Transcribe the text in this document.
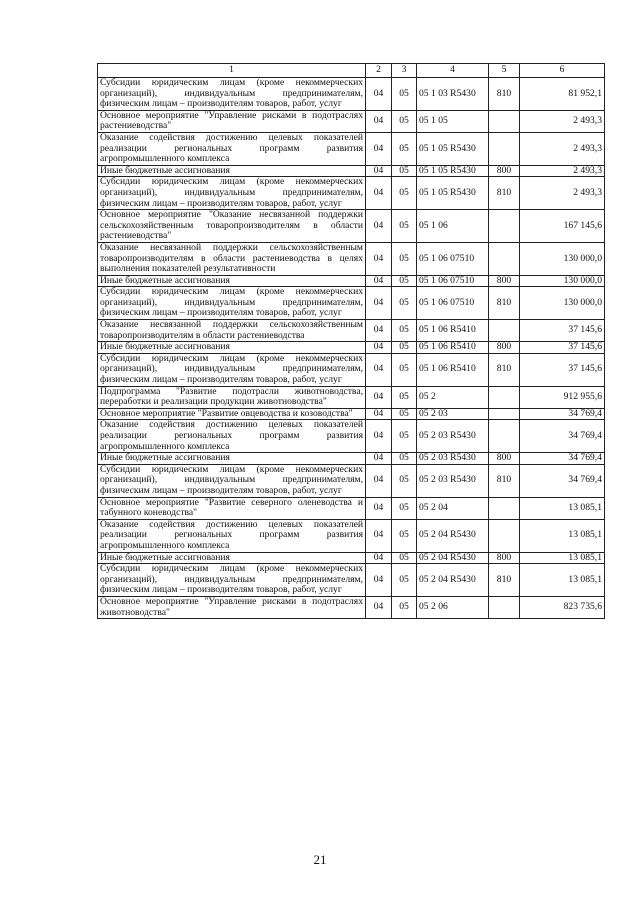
1	2	3	4	5	6
Субсидии юридическим лицам (кроме некоммерческих организаций), индивидуальным предпринимателям, физическим лицам – производителям товаров, работ, услуг	04	05	05 1 03 R5430	810	81 952,1
Основное мероприятие "Управление рисками в подотраслях растениеводства"	04	05	05 1 05		2 493,3
Оказание содействия достижению целевых показателей реализации региональных программ развития агропромышленного комплекса	04	05	05 1 05 R5430		2 493,3
Иные бюджетные ассигнования	04	05	05 1 05 R5430	800	2 493,3
Субсидии юридическим лицам (кроме некоммерческих организаций), индивидуальным предпринимателям, физическим лицам – производителям товаров, работ, услуг	04	05	05 1 05 R5430	810	2 493,3
Основное мероприятие "Оказание несвязанной поддержки сельскохозяйственным товаропроизводителям в области растениеводства"	04	05	05 1 06		167 145,6
Оказание несвязанной поддержки сельскохозяйственным товаропроизводителям в области растениеводства в целях выполнения показателей результативности	04	05	05 1 06 07510		130 000,0
Иные бюджетные ассигнования	04	05	05 1 06 07510	800	130 000,0
Субсидии юридическим лицам (кроме некоммерческих организаций), индивидуальным предпринимателям, физическим лицам – производителям товаров, работ, услуг	04	05	05 1 06 07510	810	130 000,0
Оказание несвязанной поддержки сельскохозяйственным товаропроизводителям в области растениеводства	04	05	05 1 06 R5410		37 145,6
Иные бюджетные ассигнования	04	05	05 1 06 R5410	800	37 145,6
Субсидии юридическим лицам (кроме некоммерческих организаций), индивидуальным предпринимателям, физическим лицам – производителям товаров, работ, услуг	04	05	05 1 06 R5410	810	37 145,6
Подпрограмма "Развитие подотрасли животноводства, переработки и реализации продукции животноводства"	04	05	05 2		912 955,6
Основное мероприятие "Развитие овцеводства и козоводства"	04	05	05 2 03		34 769,4
Оказание содействия достижению целевых показателей реализации региональных программ развития агропромышленного комплекса	04	05	05 2 03 R5430		34 769,4
Иные бюджетные ассигнования	04	05	05 2 03 R5430	800	34 769,4
Субсидии юридическим лицам (кроме некоммерческих организаций), индивидуальным предпринимателям, физическим лицам – производителям товаров, работ, услуг	04	05	05 2 03 R5430	810	34 769,4
Основное мероприятие "Развитие северного оленеводства и табунного коневодства"	04	05	05 2 04		13 085,1
Оказание содействия достижению целевых показателей реализации региональных программ развития агропромышленного комплекса	04	05	05 2 04 R5430		13 085,1
Иные бюджетные ассигнования	04	05	05 2 04 R5430	800	13 085,1
Субсидии юридическим лицам (кроме некоммерческих организаций), индивидуальным предпринимателям, физическим лицам – производителям товаров, работ, услуг	04	05	05 2 04 R5430	810	13 085,1
Основное мероприятие "Управление рисками в подотраслях животноводства"	04	05	05 2 06		823 735,6
21
